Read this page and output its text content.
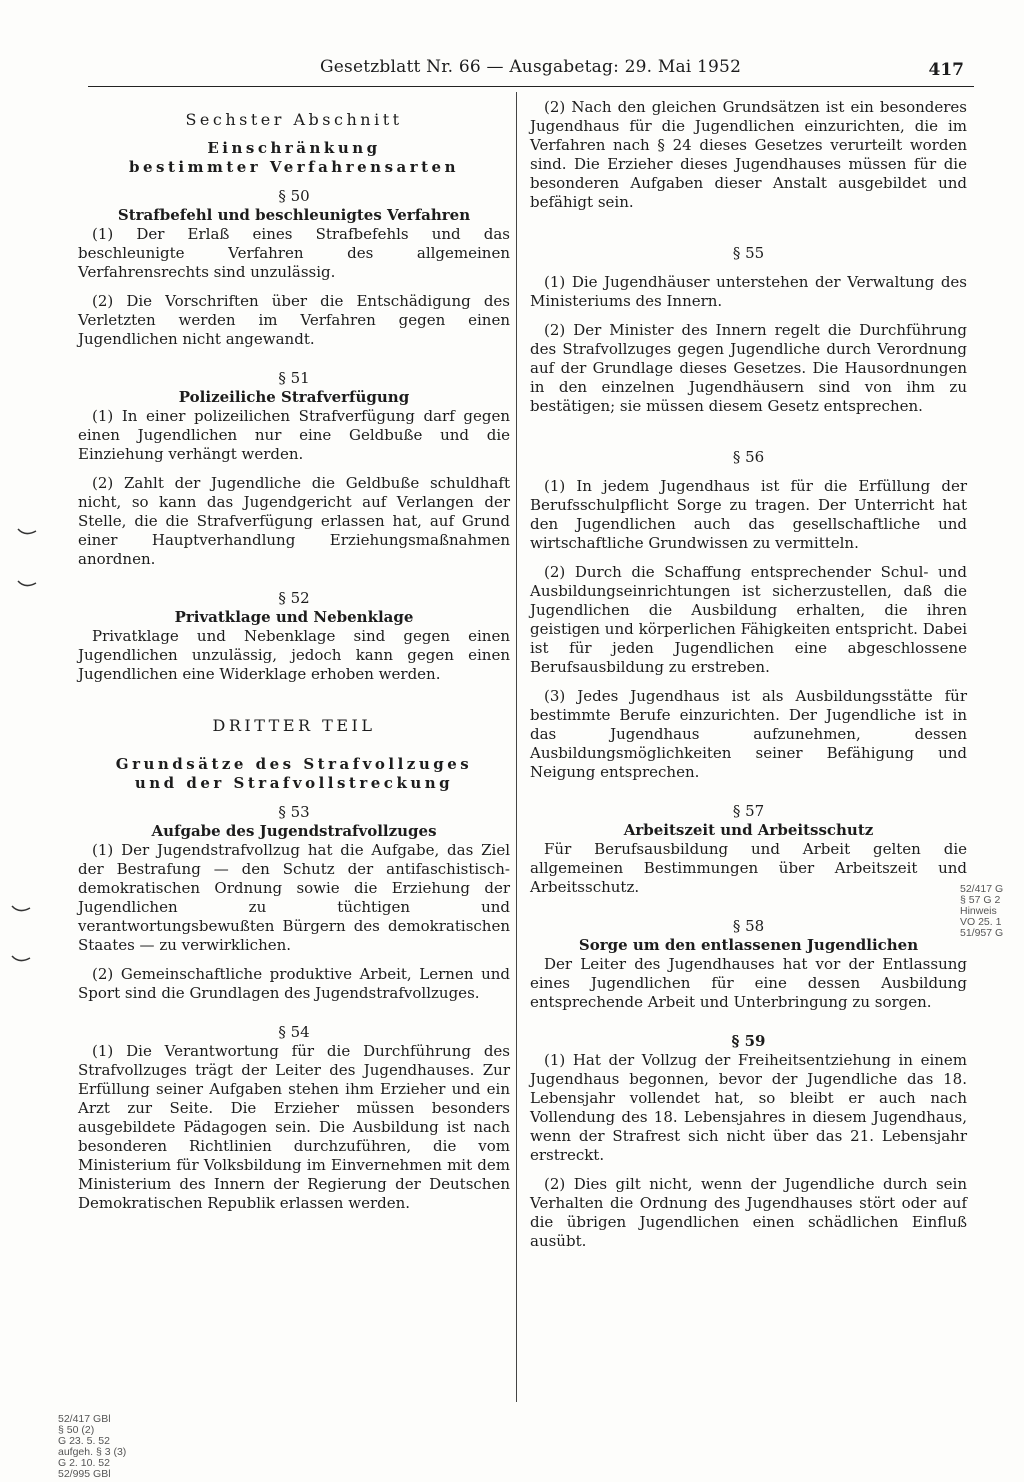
Gesetzblatt Nr. 66 — Ausgabetag: 29. Mai 1952	417
Sechster Abschnitt
Einschränkung
bestimmter Verfahrensarten

§ 50

Strafbefehl und beschleunigtes Verfahren

(1) Der Erlaß eines Strafbefehls und das beschleunigte Verfahren des allgemeinen Verfahrensrechts sind unzulässig.

(2) Die Vorschriften über die Entschädigung des Verletzten werden im Verfahren gegen einen Jugendlichen nicht angewandt.

§ 51

Polizeiliche Strafverfügung

(1) In einer polizeilichen Strafverfügung darf gegen einen Jugendlichen nur eine Geldbuße und die Einziehung verhängt werden.

(2) Zahlt der Jugendliche die Geldbuße schuldhaft nicht, so kann das Jugendgericht auf Verlangen der Stelle, die die Strafverfügung erlassen hat, auf Grund einer Hauptverhandlung Erziehungsmaßnahmen anordnen.

§ 52

Privatklage und Nebenklage

Privatklage und Nebenklage sind gegen einen Jugendlichen unzulässig, jedoch kann gegen einen Jugendlichen eine Widerklage erhoben werden.

DRITTER TEIL
Grundsätze des Strafvollzuges
und der Strafvollstreckung

§ 53

Aufgabe des Jugendstrafvollzuges

(1) Der Jugendstrafvollzug hat die Aufgabe, das Ziel der Bestrafung — den Schutz der antifaschistisch-demokratischen Ordnung sowie die Erziehung der Jugendlichen zu tüchtigen und verantwortungsbewußten Bürgern des demokratischen Staates — zu verwirklichen.

(2) Gemeinschaftliche produktive Arbeit, Lernen und Sport sind die Grundlagen des Jugendstrafvollzuges.

§ 54

(1) Die Verantwortung für die Durchführung des Strafvollzuges trägt der Leiter des Jugendhauses. Zur Erfüllung seiner Aufgaben stehen ihm Erzieher und ein Arzt zur Seite. Die Erzieher müssen besonders ausgebildete Pädagogen sein. Die Ausbildung ist nach besonderen Richtlinien durchzuführen, die vom Ministerium für Volksbildung im Einvernehmen mit dem Ministerium des Innern der Regierung der Deutschen Demokratischen Republik erlassen werden.

(2) Nach den gleichen Grundsätzen ist ein besonderes Jugendhaus für die Jugendlichen einzurichten, die im Verfahren nach § 24 dieses Gesetzes verurteilt worden sind. Die Erzieher dieses Jugendhauses müssen für die besonderen Aufgaben dieser Anstalt ausgebildet und befähigt sein.

§ 55

(1) Die Jugendhäuser unterstehen der Verwaltung des Ministeriums des Innern.

(2) Der Minister des Innern regelt die Durchführung des Strafvollzuges gegen Jugendliche durch Verordnung auf der Grundlage dieses Gesetzes. Die Hausordnungen in den einzelnen Jugendhäusern sind von ihm zu bestätigen; sie müssen diesem Gesetz entsprechen.

§ 56

(1) In jedem Jugendhaus ist für die Erfüllung der Berufsschulpflicht Sorge zu tragen. Der Unterricht hat den Jugendlichen auch das gesellschaftliche und wirtschaftliche Grundwissen zu vermitteln.

(2) Durch die Schaffung entsprechender Schul- und Ausbildungseinrichtungen ist sicherzustellen, daß die Jugendlichen die Ausbildung erhalten, die ihren geistigen und körperlichen Fähigkeiten entspricht. Dabei ist für jeden Jugendlichen eine abgeschlossene Berufsausbildung zu erstreben.

(3) Jedes Jugendhaus ist als Ausbildungsstätte für bestimmte Berufe einzurichten. Der Jugendliche ist in das Jugendhaus aufzunehmen, dessen Ausbildungsmöglichkeiten seiner Befähigung und Neigung entsprechen.

§ 57

Arbeitszeit und Arbeitsschutz

Für Berufsausbildung und Arbeit gelten die allgemeinen Bestimmungen über Arbeitszeit und Arbeitsschutz.

§ 58

Sorge um den entlassenen Jugendlichen

Der Leiter des Jugendhauses hat vor der Entlassung eines Jugendlichen für eine dessen Ausbildung entsprechende Arbeit und Unterbringung zu sorgen.

§ 59

(1) Hat der Vollzug der Freiheitsentziehung in einem Jugendhaus begonnen, bevor der Jugendliche das 18. Lebensjahr vollendet hat, so bleibt er auch nach Vollendung des 18. Lebensjahres in diesem Jugendhaus, wenn der Strafrest sich nicht über das 21. Lebensjahr erstreckt.

(2) Dies gilt nicht, wenn der Jugendliche durch sein Verhalten die Ordnung des Jugendhauses stört oder auf die übrigen Jugendlichen einen schädlichen Einfluß ausübt.

52/417 G
§ 57 G 2
Hinweis
VO 25. 1
51/957 G
52/417 GBl
§ 50 (2)
G 23. 5. 52
aufgeh. § 3 (3)
G 2. 10. 52
52/995 GBl
